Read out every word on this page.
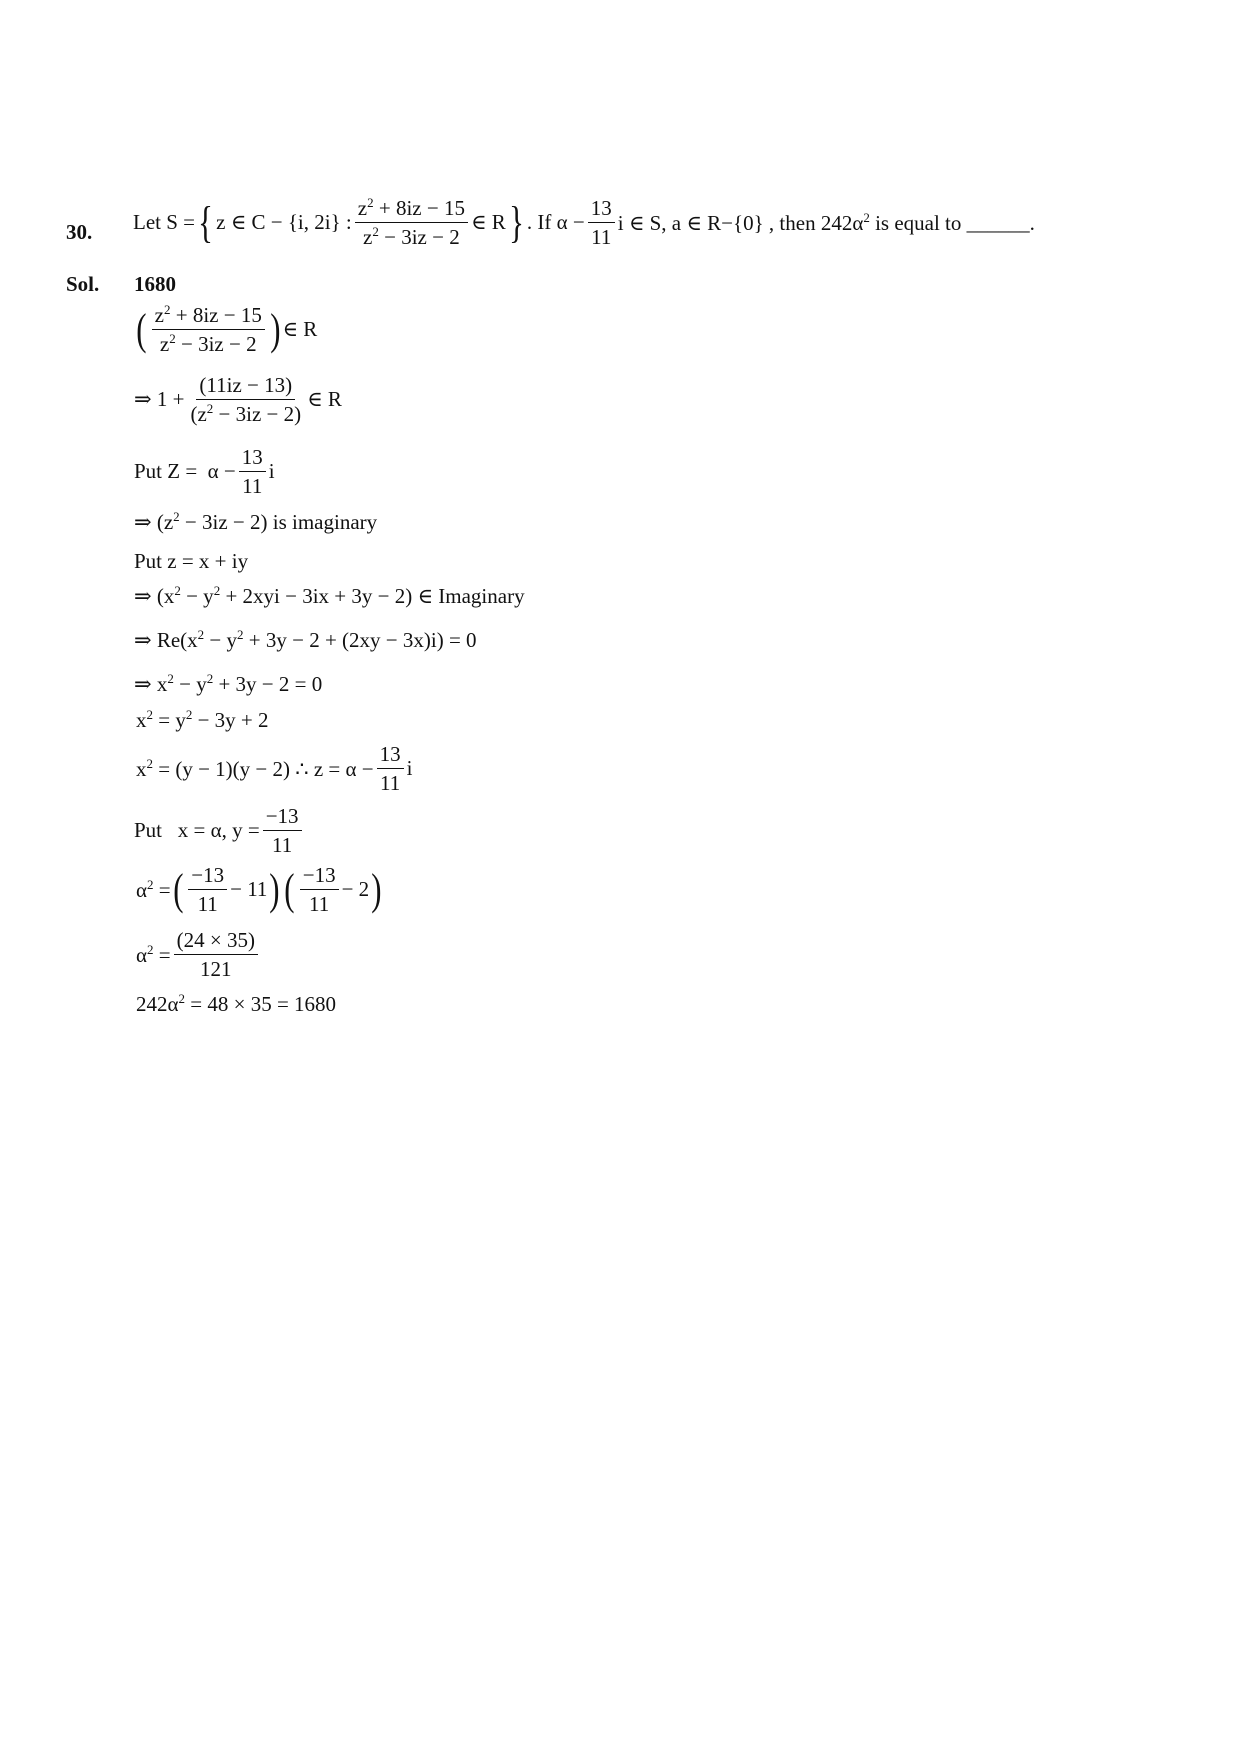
30. Let S = { z ∈ C − {i, 2i} : $\frac{z^2 + 8iz - 15}{z^2 - 3iz - 2}$ ∈ R } . If $\alpha - \frac{13}{11}$ i ∈ S, a ∈ R−{0} , then $242\alpha^2$ is equal to ______.
Sol. 1680
( $\frac{z^2 + 8iz - 15}{z^2 - 3iz - 2}$ ) ∈ R
⇒ $1 + \frac{(11iz - 13)}{(z^2 - 3iz - 2)}$ ∈ R
Put $Z = \alpha - \frac{13}{11}$ i
⇒ $(z^2 - 3iz - 2)$ is imaginary
Put z = x + iy
⇒ $(x^2 - y^2 + 2xyi - 3ix + 3y - 2)$ ∈ Imaginary
⇒ $Re(x^2 - y^2 + 3y - 2 + (2xy - 3x)i) = 0$
⇒ $x^2 - y^2 + 3y - 2 = 0$
$x^2 = y^2 - 3y + 2$
$x^2 = (y - 1)(y - 2)$ ∴ $z = \alpha - \frac{13}{11}$ i
Put   x = α, $y = \frac{-13}{11}$
$\alpha^2$ = ( $\frac{-13}{11} - 11$ ) ( $\frac{-13}{11} - 2$ )
$\alpha^2 = \frac{(24 \times 35)}{121}$
$242\alpha^2 = 48 \times 35 = 1680$
